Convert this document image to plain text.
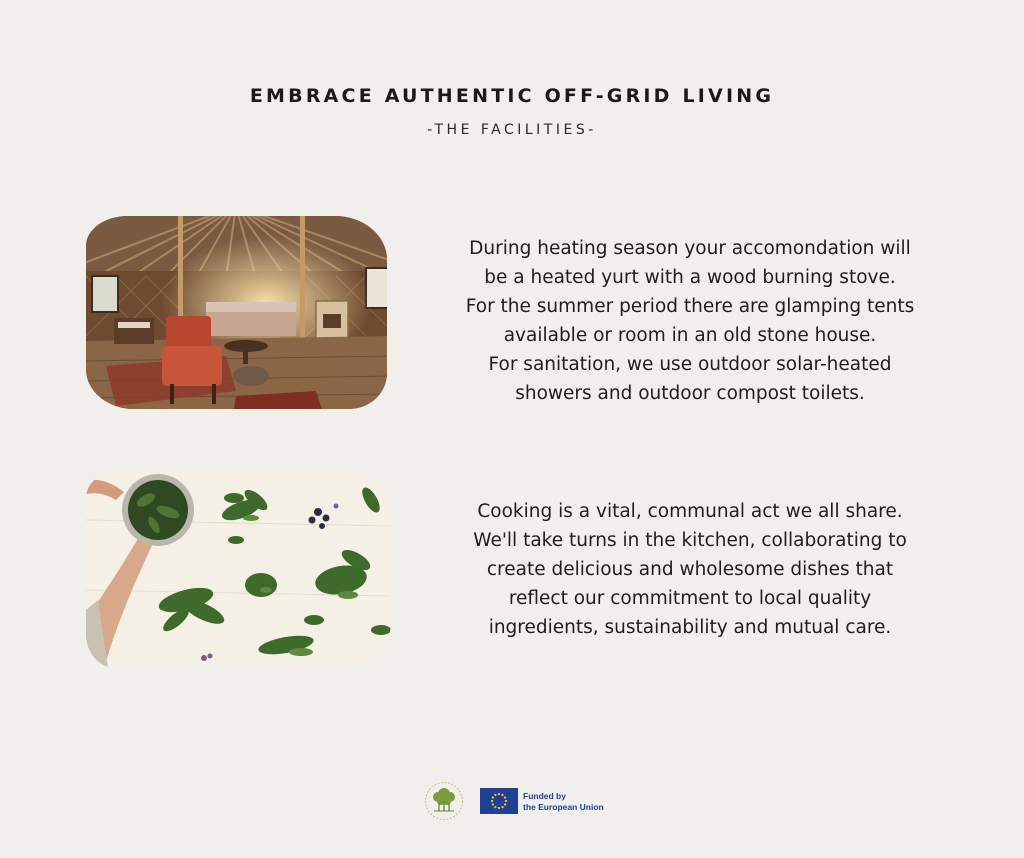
EMBRACE AUTHENTIC OFF-GRID LIVING
-THE FACILITIES-
During heating season your accomondation will
be a heated yurt with a wood burning stove.
For the summer period there are glamping tents
available or room in an old stone house.
For sanitation, we use outdoor solar-heated
showers and outdoor compost toilets.
Cooking is a vital, communal act we all share.
We'll take turns in the kitchen, collaborating to
create delicious and wholesome dishes that
reflect our commitment to local quality
ingredients, sustainability and mutual care.
Funded by
the European Union
